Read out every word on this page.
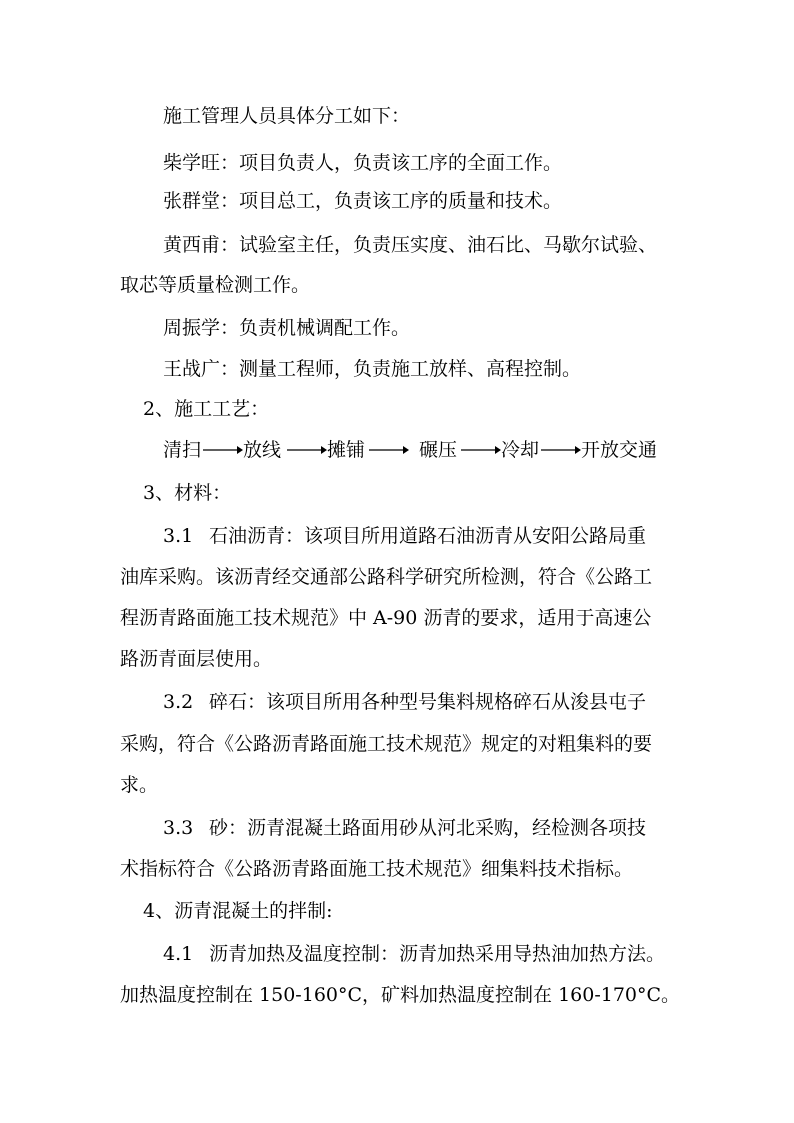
施工管理人员具体分工如下：
柴学旺：项目负责人，负责该工序的全面工作。
张群堂：项目总工，负责该工序的质量和技术。
黄西甫：试验室主任，负责压实度、油石比、马歇尔试验、
取芯等质量检测工作。
周振学：负责机械调配工作。
王战广：测量工程师，负责施工放样、高程控制。
2、施工工艺：
清扫 放线 摊铺	碾压 冷却 开放交通
3、材料：
3.1 石油沥青：该项目所用道路石油沥青从安阳公路局重
油库采购。该沥青经交通部公路科学研究所检测，符合《公路工
程沥青路面施工技术规范》中 A-90 沥青的要求，适用于高速公
路沥青面层使用。
3.2 碎石：该项目所用各种型号集料规格碎石从浚县屯子
采购，符合《公路沥青路面施工技术规范》规定的对粗集料的要
求。
3.3 砂：沥青混凝土路面用砂从河北采购，经检测各项技
术指标符合《公路沥青路面施工技术规范》细集料技术指标。
4、沥青混凝土的拌制:
4.1 沥青加热及温度控制：沥青加热采用导热油加热方法。
加热温度控制在 150-160°C，矿料加热温度控制在 160-170°C。
